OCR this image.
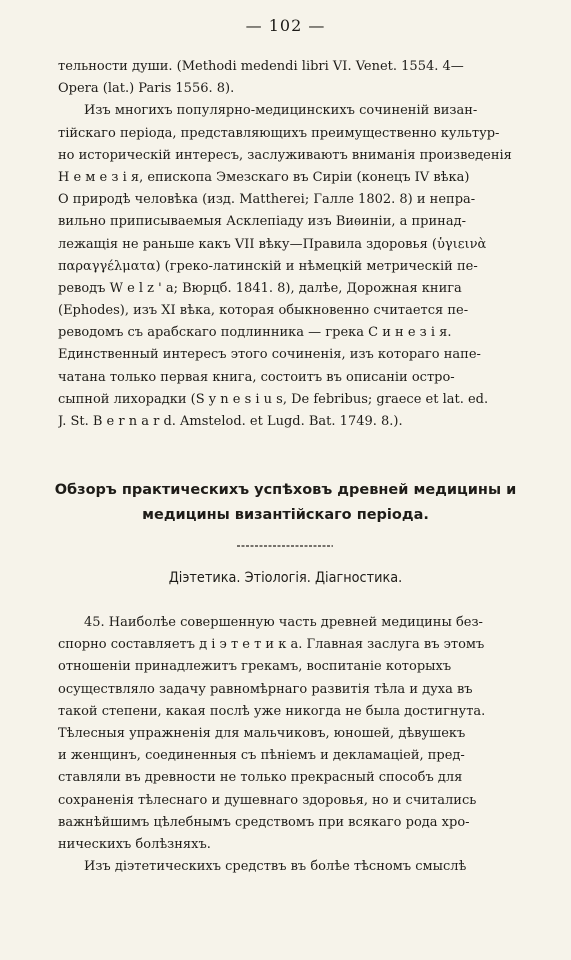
— 102 —
тельности души. (Methodi medendi libri VI. Venet. 1554. 4—
Opera (lat.) Paris 1556. 8).
Изъ многихъ популярно-медицинскихъ сочиненій визан-
тійскаго періода, представляющихъ преимущественно культур-
но историческій интересъ, заслуживаютъ вниманія произведенія
Н е м е з і я, епископа Эмезскаго въ Сиріи (конецъ IV вѣка)
О природѣ человѣка (изд. Mattherei; Галле 1802. 8) и непра-
вильно приписываемыя Асклепіаду изъ Виѳиніи, а принад-
лежащія не раньше какъ VII вѣку—Правила здоровья (ὑγιεινὰ
παραγγέλματα) (греко-латинскій и нѣмецкій метрическій пе-
реводъ W e l z ' a; Вюрцб. 1841. 8), далѣе, Дорожная книга
(Ephodes), изъ XI вѣка, которая обыкновенно считается пе-
реводомъ съ арабскаго подлинника — грека С и н е з і я.
Единственный интересъ этого сочиненія, изъ котораго напе-
чатана только первая книга, состоитъ въ описаніи остро-
сыпной лихорадки (S y n e s i u s, De febribus; graecе et lat. ed.
J. St. B e r n a r d. Amstelod. et Lugd. Bat. 1749. 8.).
Обзоръ практическихъ успѣховъ древней медицины и
медицины византійскаго періода.
Діэтетика. Этіологія. Діагностика.
45. Наиболѣе совершенную часть древней медицины без-
спорно составляетъ д і э т е т и к а. Главная заслуга въ этомъ
отношеніи принадлежитъ грекамъ, воспитаніе которыхъ
осуществляло задачу равномѣрнаго развитія тѣла и духа въ
такой степени, какая послѣ уже никогда не была достигнута.
Тѣлесныя упражненія для мальчиковъ, юношей, дѣвушекъ
и женщинъ, соединенныя съ пѣніемъ и декламаціей, пред-
ставляли въ древности не только прекрасный способъ для
сохраненія тѣлеснаго и душевнаго здоровья, но и считались
важнѣйшимъ цѣлебнымъ средствомъ при всякаго рода хро-
ническихъ болѣзняхъ.
Изъ діэтетическихъ средствъ въ болѣе тѣсномъ смыслѣ
